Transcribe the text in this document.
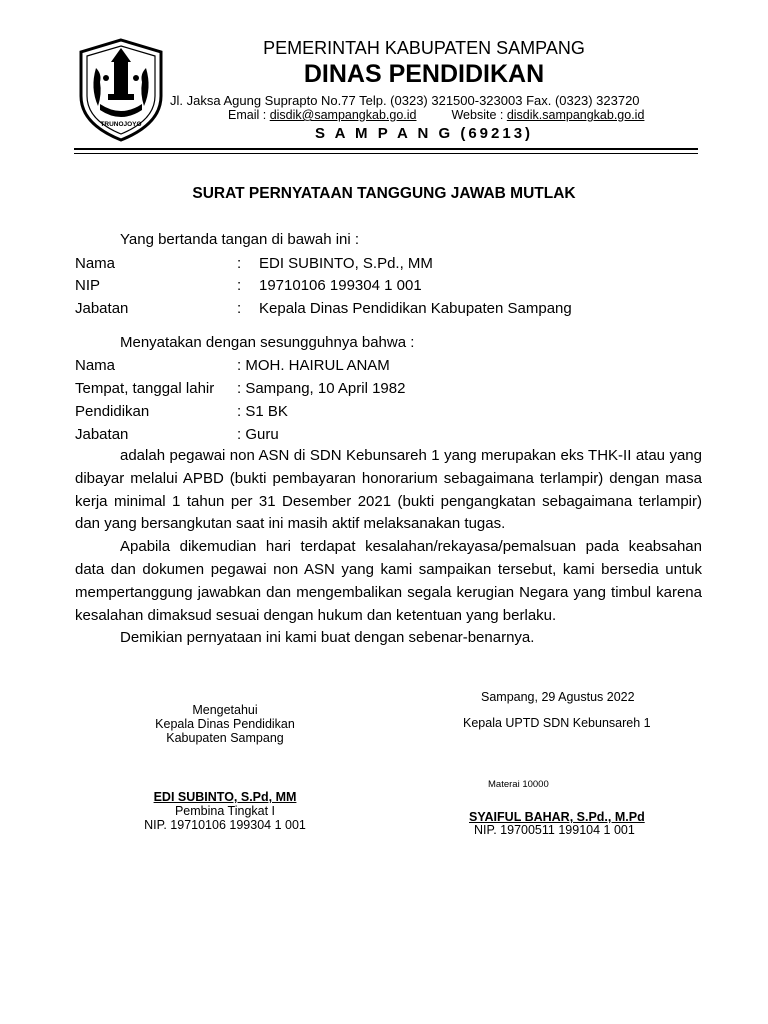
TRUNOJOYO
PEMERINTAH KABUPATEN SAMPANG
DINAS PENDIDIKAN
Jl. Jaksa Agung Suprapto No.77 Telp. (0323) 321500-323003 Fax. (0323) 323720
Email : disdik@sampangkab.go.id	Website : disdik.sampangkab.go.id
S A M P A N G (69213)
SURAT PERNYATAAN TANGGUNG JAWAB MUTLAK
Yang bertanda tangan di bawah ini :
Nama	: EDI SUBINTO, S.Pd., MM
NIP	: 19710106 199304 1 001
Jabatan	: Kepala Dinas Pendidikan Kabupaten Sampang
Menyatakan dengan sesungguhnya bahwa :
Nama	: MOH. HAIRUL ANAM
Tempat, tanggal lahir : Sampang, 10 April 1982
Pendidikan	: S1 BK
Jabatan	: Guru

adalah pegawai non ASN di SDN Kebunsareh 1 yang merupakan eks THK-II atau yang dibayar melalui APBD (bukti pembayaran honorarium sebagaimana terlampir) dengan masa kerja minimal 1 tahun per 31 Desember 2021 (bukti pengangkatan sebagaimana terlampir) dan yang bersangkutan saat ini masih aktif melaksanakan tugas.

Apabila dikemudian hari terdapat kesalahan/rekayasa/pemalsuan pada keabsahan data dan dokumen pegawai non ASN yang kami sampaikan tersebut, kami bersedia untuk mempertanggung jawabkan dan mengembalikan segala kerugian Negara yang timbul karena kesalahan dimaksud sesuai dengan hukum dan ketentuan yang berlaku.

Demikian pernyataan ini kami buat dengan sebenar-benarnya.

Mengetahui
Kepala Dinas Pendidikan
Kabupaten Sampang
EDI SUBINTO, S.Pd, MM
Pembina Tingkat I
NIP. 19710106 199304 1 001
Sampang, 29 Agustus 2022
Kepala UPTD SDN Kebunsareh 1
Materai 10000
SYAIFUL BAHAR, S.Pd., M.Pd
NIP. 19700511 199104 1 001
